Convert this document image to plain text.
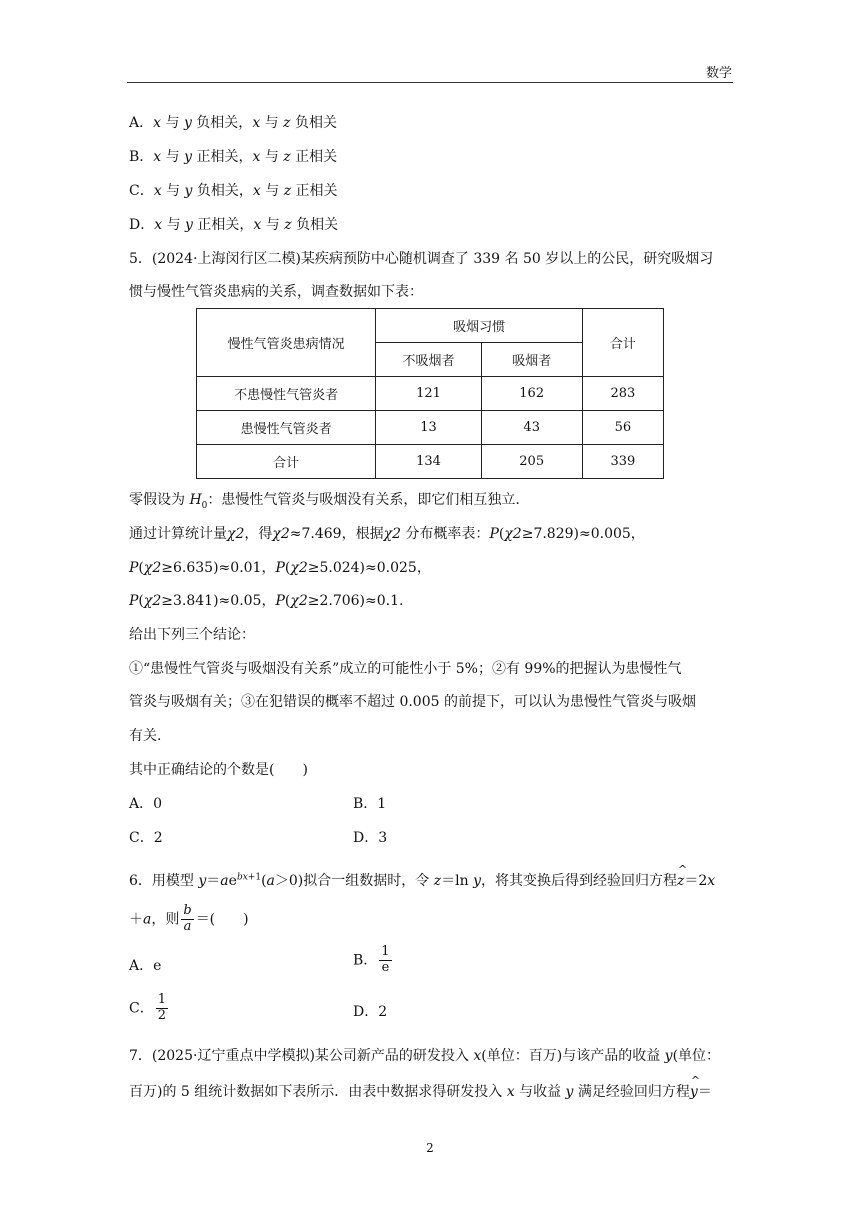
数学
A．x 与 y 负相关，x 与 z 负相关
B．x 与 y 正相关，x 与 z 正相关
C．x 与 y 负相关，x 与 z 正相关
D．x 与 y 正相关，x 与 z 负相关
5．(2024·上海闵行区二模)某疾病预防中心随机调查了 339 名 50 岁以上的公民，研究吸烟习
惯与慢性气管炎患病的关系，调查数据如下表：
慢性气管炎患病情况	吸烟习惯		合计
	不吸烟者	吸烟者	
不患慢性气管炎者	121	162	283
患慢性气管炎者	13	43	56
合计	134	205	339
零假设为 $H_0$：患慢性气管炎与吸烟没有关系，即它们相互独立.
通过计算统计量χ2，得χ2≈7.469，根据χ2 分布概率表：P(χ2≥7.829)≈0.005，
P(χ2≥6.635)≈0.01，P(χ2≥5.024)≈0.025，
P(χ2≥3.841)≈0.05，P(χ2≥2.706)≈0.1.
给出下列三个结论：
①“患慢性气管炎与吸烟没有关系”成立的可能性小于 5%；②有 99%的把握认为患慢性气
管炎与吸烟有关；③在犯错误的概率不超过 0.005 的前提下，可以认为患慢性气管炎与吸烟
有关.
其中正确结论的个数是(　　)
A．0	B．1
C．2	D．3
6．用模型 $y=ae^{bx+1}(a>0)$拟合一组数据时，令 z＝ln y，将其变换后得到经验回归方程^ z＝2x
＋a，则 $\frac{b}{a}$ ＝(　　)
A．e	B． $\frac{1}{e}$
C． $\frac{1}{2}$	D．2
7．(2025·辽宁重点中学模拟)某公司新产品的研发投入 x(单位：百万)与该产品的收益 y(单位：
百万)的 5 组统计数据如下表所示．由表中数据求得研发投入 x 与收益 y 满足经验回归方程^ y＝
2
